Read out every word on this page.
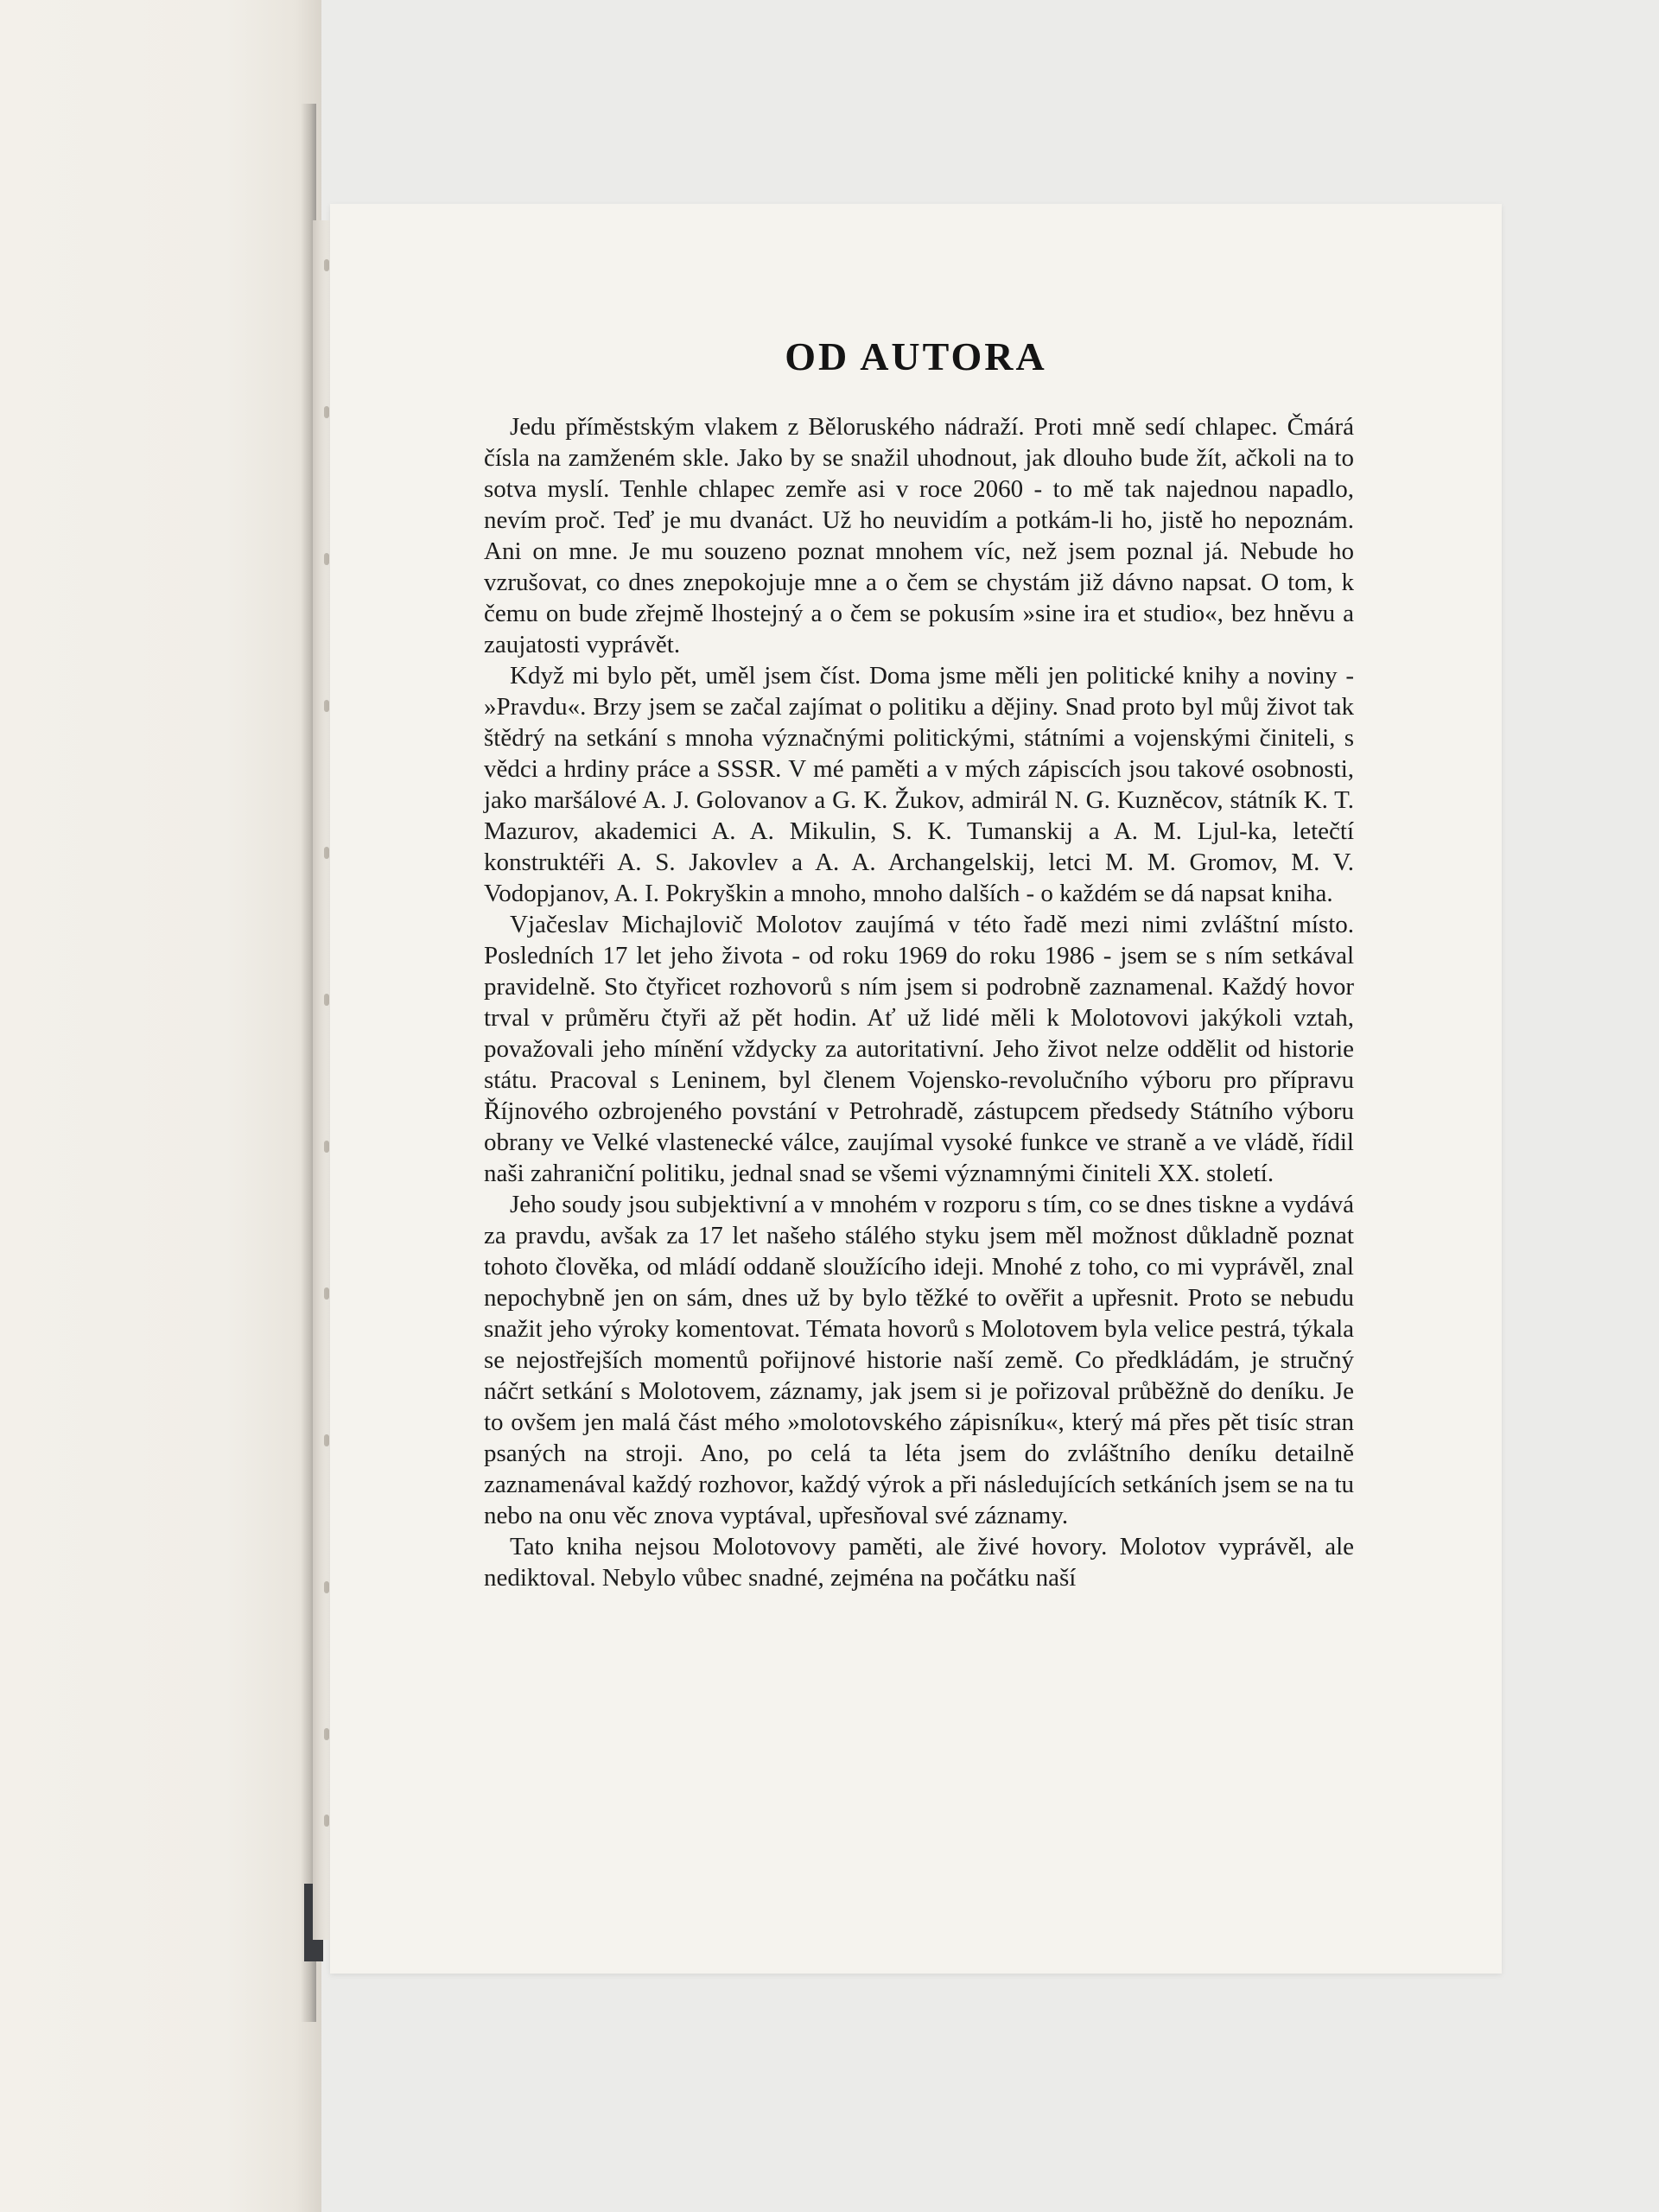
OD AUTORA

Jedu příměstským vlakem z Běloruského nádraží. Proti mně sedí chlapec. Čmárá čísla na zamženém skle. Jako by se snažil uhodnout, jak dlouho bude žít, ačkoli na to sotva myslí. Tenhle chlapec zemře asi v roce 2060 - to mě tak najednou napadlo, nevím proč. Teď je mu dvanáct. Už ho neuvidím a potkám-li ho, jistě ho nepoznám. Ani on mne. Je mu souzeno poznat mnohem víc, než jsem poznal já. Nebude ho vzrušovat, co dnes znepokojuje mne a o čem se chystám již dávno napsat. O tom, k čemu on bude zřejmě lhostejný a o čem se pokusím »sine ira et studio«, bez hněvu a zaujatosti vyprávět.

Když mi bylo pět, uměl jsem číst. Doma jsme měli jen politické knihy a noviny - »Pravdu«. Brzy jsem se začal zajímat o politiku a dějiny. Snad proto byl můj život tak štědrý na setkání s mnoha význačnými politickými, státními a vojenskými činiteli, s vědci a hrdiny práce a SSSR. V mé paměti a v mých zápiscích jsou takové osobnosti, jako maršálové A. J. Golovanov a G. K. Žukov, admirál N. G. Kuzněcov, státník K. T. Mazurov, akademici A. A. Mikulin, S. K. Tumanskij a A. M. Ljul-ka, letečtí konstruktéři A. S. Jakovlev a A. A. Archangelskij, letci M. M. Gromov, M. V. Vodopjanov, A. I. Pokryškin a mnoho, mnoho dalších - o každém se dá napsat kniha.

Vjačeslav Michajlovič Molotov zaujímá v této řadě mezi nimi zvláštní místo. Posledních 17 let jeho života - od roku 1969 do roku 1986 - jsem se s ním setkával pravidelně. Sto čtyřicet rozhovorů s ním jsem si podrobně zaznamenal. Každý hovor trval v průměru čtyři až pět hodin. Ať už lidé měli k Molotovovi jakýkoli vztah, považovali jeho mínění vždycky za autoritativní. Jeho život nelze oddělit od historie státu. Pracoval s Leninem, byl členem Vojensko-revolučního výboru pro přípravu Říjnového ozbrojeného povstání v Petrohradě, zástupcem předsedy Státního výboru obrany ve Velké vlastenecké válce, zaujímal vysoké funkce ve straně a ve vládě, řídil naši zahraniční politiku, jednal snad se všemi významnými činiteli XX. století.

Jeho soudy jsou subjektivní a v mnohém v rozporu s tím, co se dnes tiskne a vydává za pravdu, avšak za 17 let našeho stálého styku jsem měl možnost důkladně poznat tohoto člověka, od mládí oddaně sloužícího ideji. Mnohé z toho, co mi vyprávěl, znal nepochybně jen on sám, dnes už by bylo těžké to ověřit a upřesnit. Proto se nebudu snažit jeho výroky komentovat. Témata hovorů s Molotovem byla velice pestrá, týkala se nejostřejších momentů pořijnové historie naší země. Co předkládám, je stručný náčrt setkání s Molotovem, záznamy, jak jsem si je pořizoval průběžně do deníku. Je to ovšem jen malá část mého »molotovského zápisníku«, který má přes pět tisíc stran psaných na stroji. Ano, po celá ta léta jsem do zvláštního deníku detailně zaznamenával každý rozhovor, každý výrok a při následujících setkáních jsem se na tu nebo na onu věc znova vyptával, upřesňoval své záznamy.

Tato kniha nejsou Molotovovy paměti, ale živé hovory. Molotov vyprávěl, ale nediktoval. Nebylo vůbec snadné, zejména na počátku naší
